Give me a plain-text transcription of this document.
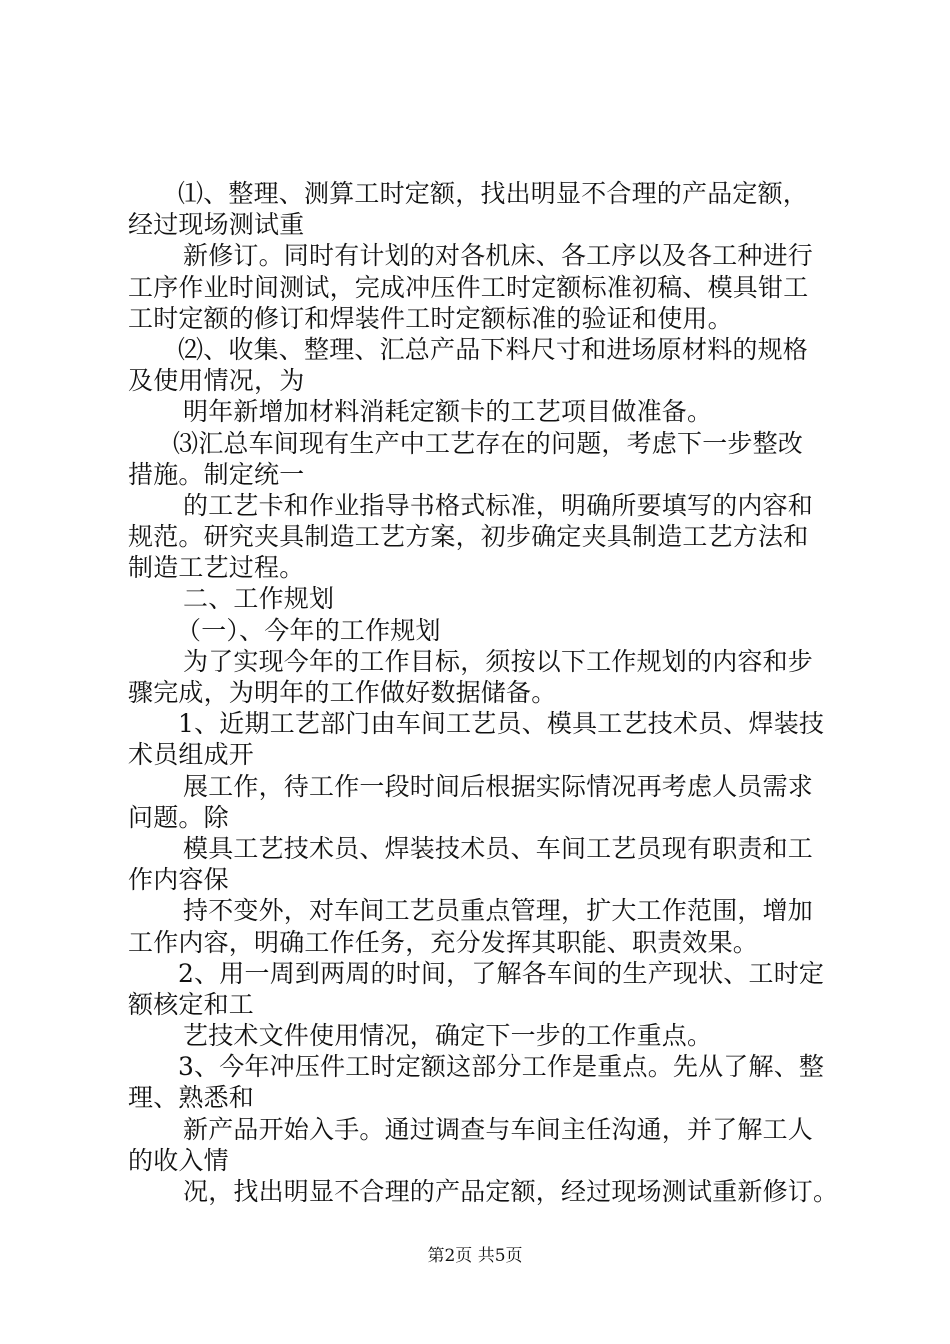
⑴、整理、测算工时定额，找出明显不合理的产品定额，
经过现场测试重
新修订。同时有计划的对各机床、各工序以及各工种进行
工序作业时间测试，完成冲压件工时定额标准初稿、模具钳工
工时定额的修订和焊装件工时定额标准的验证和使用。
⑵、收集、整理、汇总产品下料尺寸和进场原材料的规格
及使用情况，为
明年新增加材料消耗定额卡的工艺项目做准备。
⑶汇总车间现有生产中工艺存在的问题，考虑下一步整改
措施。制定统一
的工艺卡和作业指导书格式标准，明确所要填写的内容和
规范。研究夹具制造工艺方案，初步确定夹具制造工艺方法和
制造工艺过程。
二、工作规划
（一）、今年的工作规划
为了实现今年的工作目标，须按以下工作规划的内容和步
骤完成，为明年的工作做好数据储备。
1、近期工艺部门由车间工艺员、模具工艺技术员、焊装技
术员组成开
展工作，待工作一段时间后根据实际情况再考虑人员需求
问题。除
模具工艺技术员、焊装技术员、车间工艺员现有职责和工
作内容保
持不变外，对车间工艺员重点管理，扩大工作范围，增加
工作内容，明确工作任务，充分发挥其职能、职责效果。
2、用一周到两周的时间，了解各车间的生产现状、工时定
额核定和工
艺技术文件使用情况，确定下一步的工作重点。
3、今年冲压件工时定额这部分工作是重点。先从了解、整
理、熟悉和
新产品开始入手。通过调查与车间主任沟通，并了解工人
的收入情
况，找出明显不合理的产品定额，经过现场测试重新修订。
第2页 共5页
